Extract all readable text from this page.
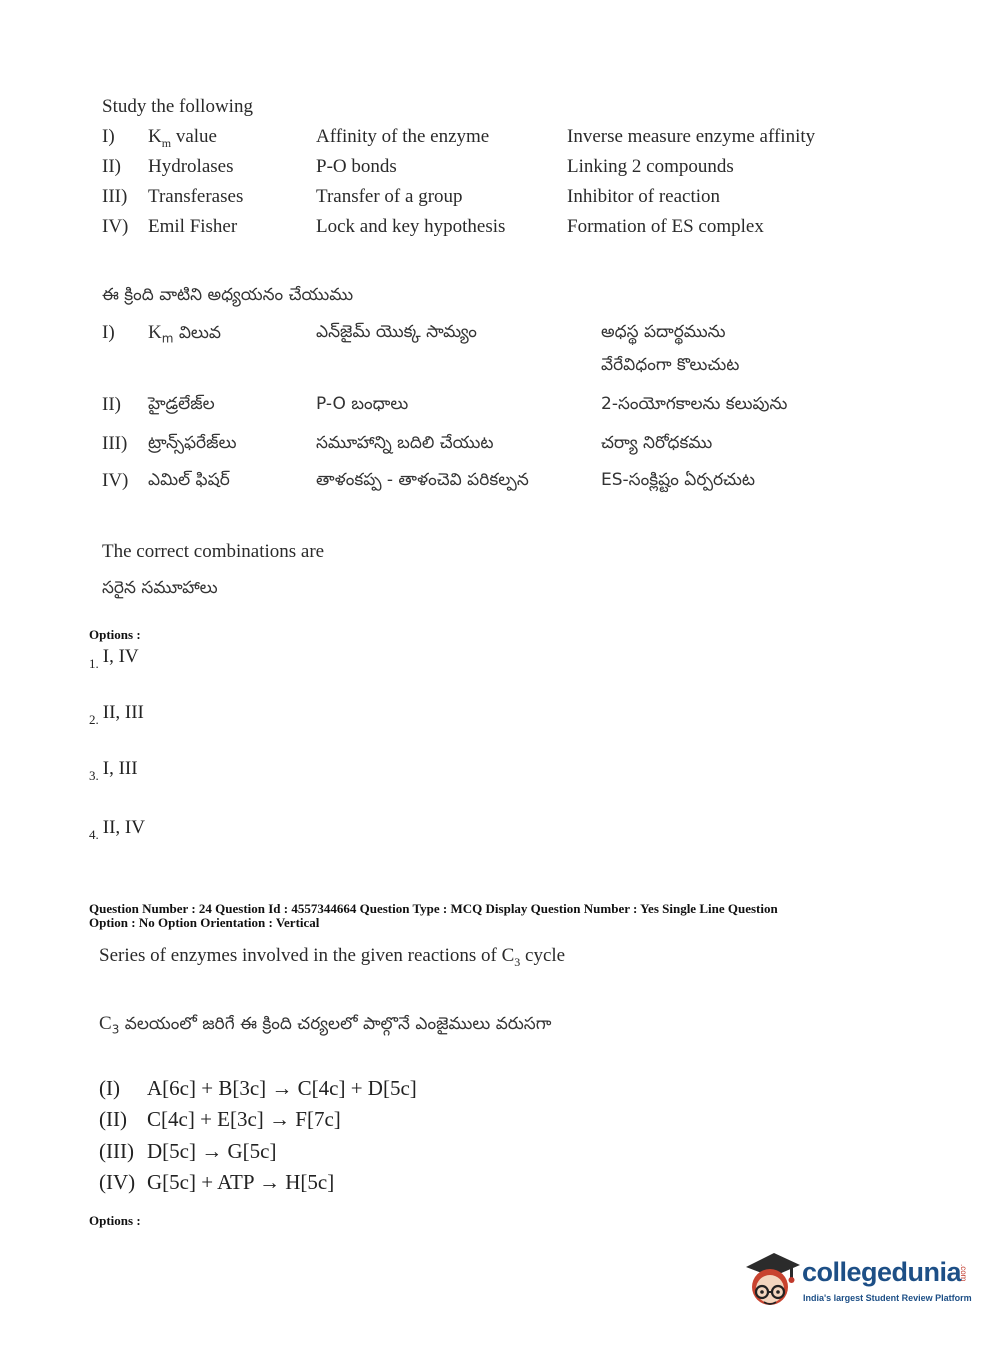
Study the following
I) $K_m$ value	Affinity of the enzyme	Inverse measure enzyme affinity
II) Hydrolases	P-O bonds	Linking 2 compounds
III) Transferases	Transfer of a group	Inhibitor of reaction
IV) Emil Fisher	Lock and key hypothesis	Formation of ES complex
ఈ క్రింది వాటిని అధ్యయనం చేయుము
I) $K_m$ విలువ	ఎన్‌జైమ్ యొక్క సామ్యం	అధస్థ పదార్థమును
వేరేవిధంగా కొలుచుట
II) హైడ్రలేజ్‌ల	P-O బంధాలు	2-సంయోగకాలను కలుపును
III) ట్రాన్స్‌ఫరేజ్‌లు	సమూహాన్ని బదిలి చేయుట	చర్యా నిరోధకము
IV) ఎమిల్ ఫిషర్	తాళంకప్ప - తాళంచెవి పరికల్పన	ES-సంక్లిష్టం ఏర్పరచుట
The correct combinations are
సరైన సమూహాలు
Options :
$_{1.}$ I, IV
$_{2.}$ II, III
$_{3.}$ I, III
$_{4.}$ II, IV
Question Number : 24 Question Id : 4557344664 Question Type : MCQ Display Question Number : Yes Single Line Question
Option : No Option Orientation : Vertical
Series of enzymes involved in the given reactions of $C_3$ cycle
$C_3$ వలయంలో జరిగే ఈ క్రింది చర్యలలో పాల్గొనే ఎంజైములు వరుసగా
(I) A[6c] + B[3c] → C[4c] + D[5c]
(II) C[4c] + E[3c] → F[7c]
(III) D[5c] → G[5c]
(IV) G[5c] + ATP → H[5c]
Options :
collegedunia
.com
India's largest Student Review Platform
